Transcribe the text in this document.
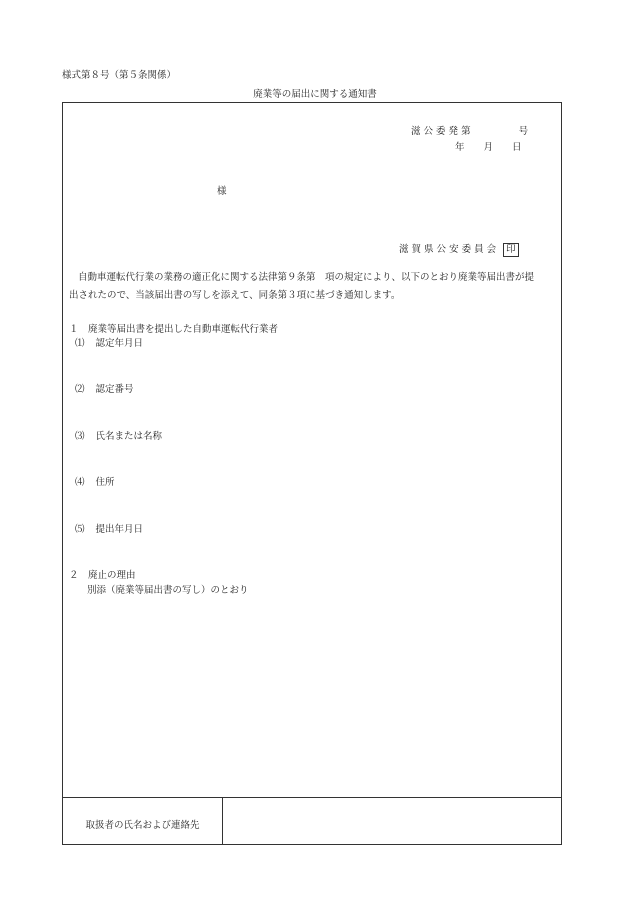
様式第８号（第５条関係）
廃業等の届出に関する通知書
滋 公 委 発 第	号
年　　月　　日
様
滋 賀 県 公 安 委 員 会 印
自動車運転代行業の業務の適正化に関する法律第９条第　項の規定により、以下のとおり廃業等届出書が提
出されたので、当該届出書の写しを添えて、同条第３項に基づき通知します。
１　廃業等届出書を提出した自動車運転代行業者
⑴ 認定年月日
⑵ 認定番号
⑶ 氏名または名称
⑷ 住所
⑸ 提出年月日
２　廃止の理由
別添（廃業等届出書の写し）のとおり
取扱者の氏名および連絡先
